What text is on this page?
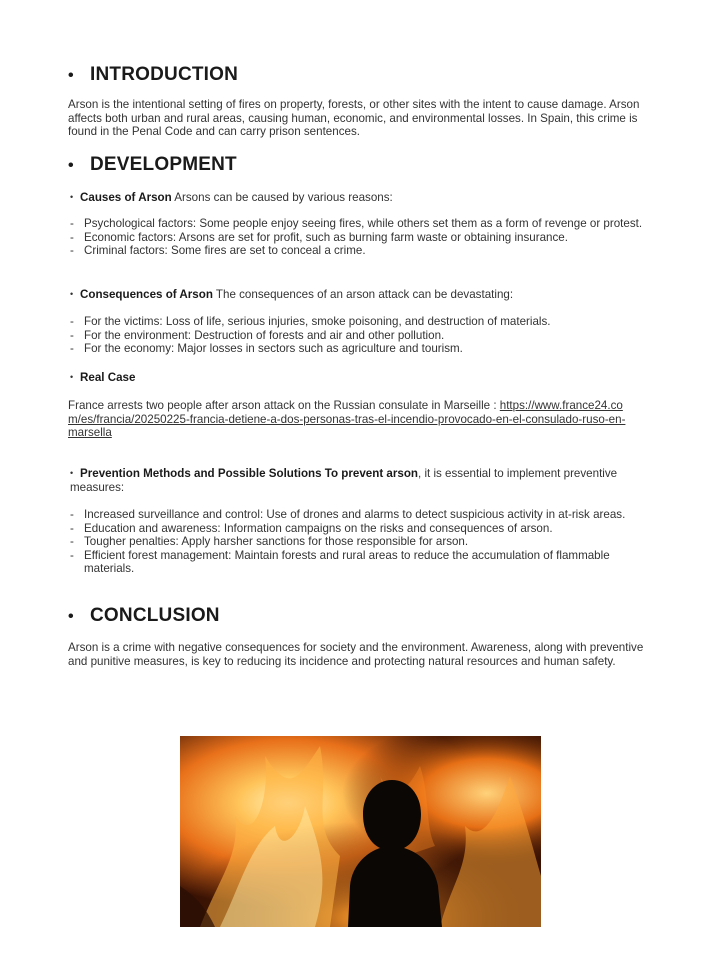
• INTRODUCTION
Arson is the intentional setting of fires on property, forests, or other sites with the intent to cause damage. Arson affects both urban and rural areas, causing human, economic, and environmental losses. In Spain, this crime is found in the Penal Code and can carry prison sentences.
• DEVELOPMENT
• Causes of Arson Arsons can be caused by various reasons:
- Psychological factors: Some people enjoy seeing fires, while others set them as a form of revenge or protest.
- Economic factors: Arsons are set for profit, such as burning farm waste or obtaining insurance.
- Criminal factors: Some fires are set to conceal a crime.
• Consequences of Arson The consequences of an arson attack can be devastating:
- For the victims: Loss of life, serious injuries, smoke poisoning, and destruction of materials.
- For the environment: Destruction of forests and air and other pollution.
- For the economy: Major losses in sectors such as agriculture and tourism.
• Real Case
France arrests two people after arson attack on the Russian consulate in Marseille : https://www.france24.com/es/francia/20250225-francia-detiene-a-dos-personas-tras-el-incendio-provocado-en-el-consulado-ruso-en-marsella
• Prevention Methods and Possible Solutions To prevent arson, it is essential to implement preventive measures:
- Increased surveillance and control: Use of drones and alarms to detect suspicious activity in at-risk areas.
- Education and awareness: Information campaigns on the risks and consequences of arson.
- Tougher penalties: Apply harsher sanctions for those responsible for arson.
- Efficient forest management: Maintain forests and rural areas to reduce the accumulation of flammable materials.
• CONCLUSION
Arson is a crime with negative consequences for society and the environment. Awareness, along with preventive and punitive measures, is key to reducing its incidence and protecting natural resources and human safety.
